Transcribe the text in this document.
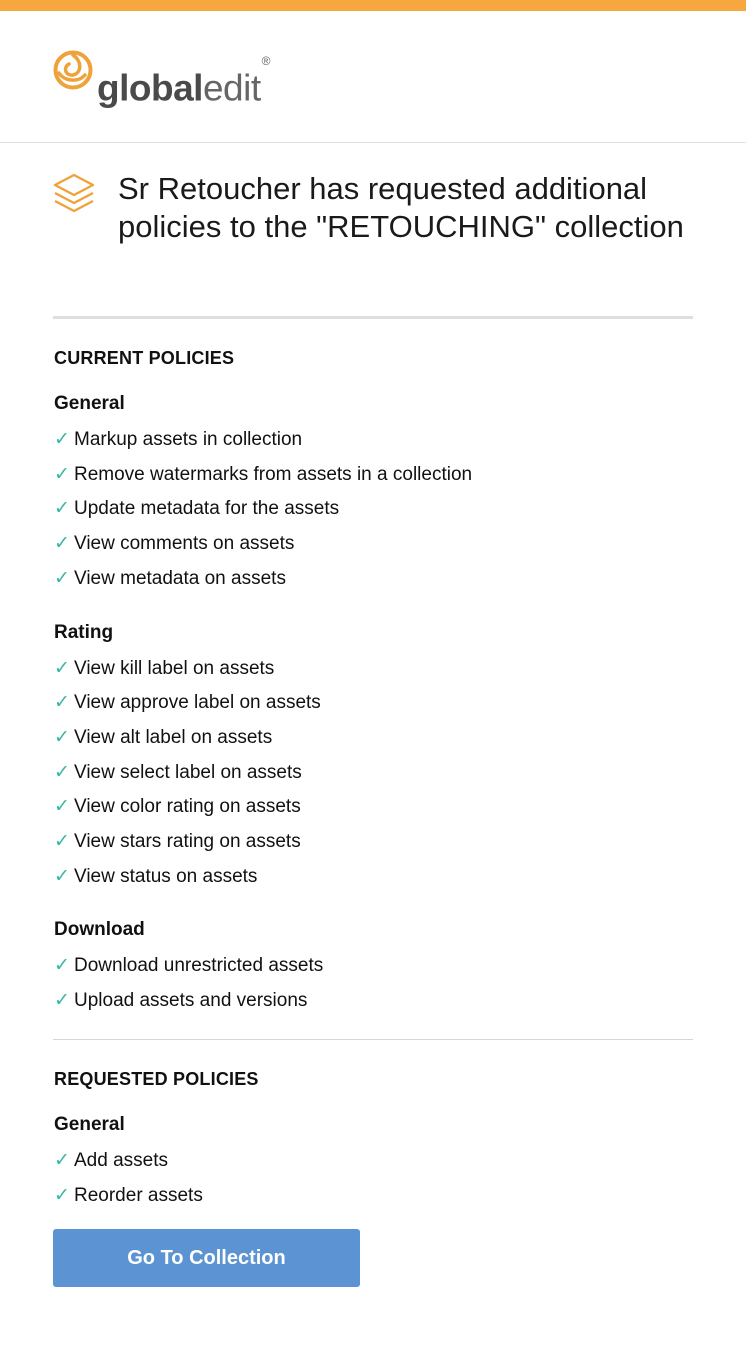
globaledit®
Sr Retoucher has requested additional policies to the "RETOUCHING" collection
CURRENT POLICIES
General
✓ Markup assets in collection
✓ Remove watermarks from assets in a collection
✓ Update metadata for the assets
✓ View comments on assets
✓ View metadata on assets
Rating
✓ View kill label on assets
✓ View approve label on assets
✓ View alt label on assets
✓ View select label on assets
✓ View color rating on assets
✓ View stars rating on assets
✓ View status on assets
Download
✓ Download unrestricted assets
✓ Upload assets and versions
REQUESTED POLICIES
General
✓ Add assets
✓ Reorder assets
Go To Collection
